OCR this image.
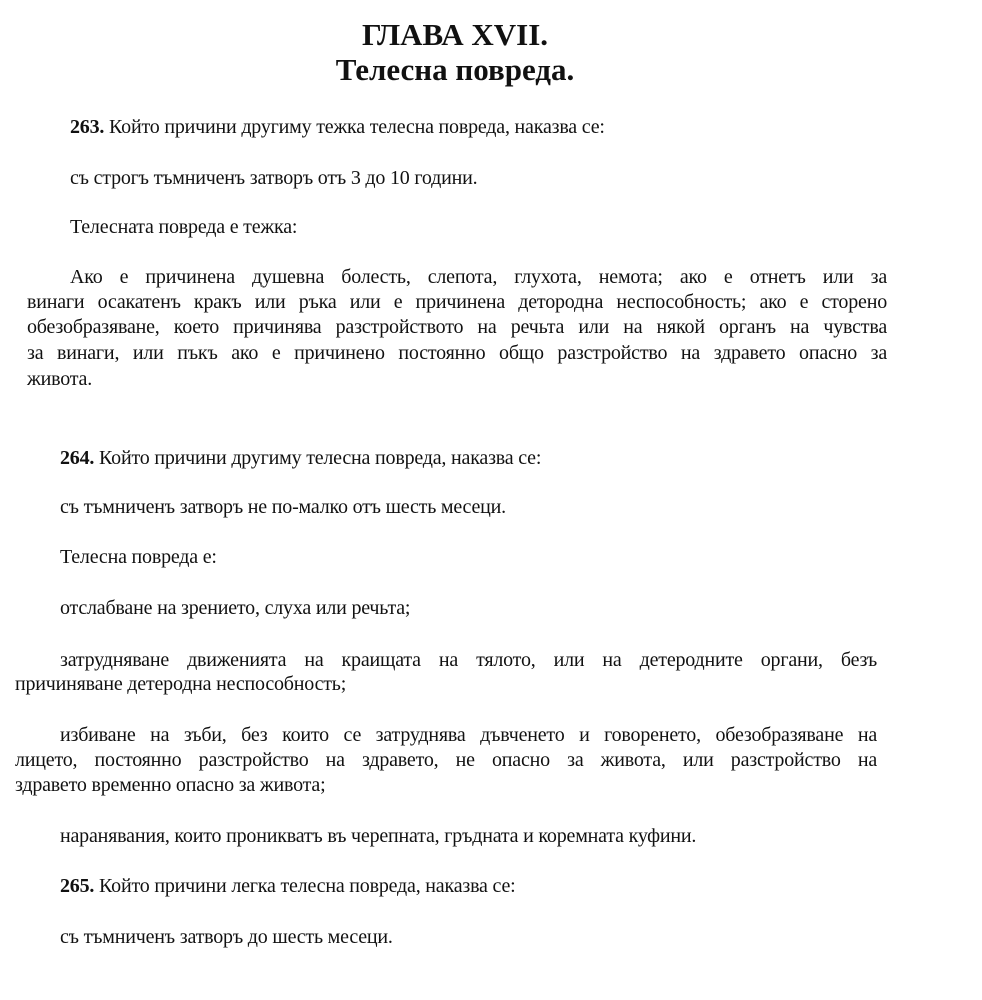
ГЛАВА XVII.
Телесна повреда.
263. Който причини другиму тежка телесна повреда, наказва се:
съ строгъ тъмниченъ затворъ отъ 3 до 10 години.
Телесната повреда е тежка:
Ако е причинена душевна болесть, слепота, глухота, немота; ако е отнетъ или за
винаги осакатенъ кракъ или ръка или е причинена детородна неспособность; ако е сторено
обезобразяване, което причинява разстройството на речьта или на някой органъ на чувства
за винаги, или пъкъ ако е причинено постоянно общо разстройство на здравето опасно за
живота.
264. Който причини другиму телесна повреда, наказва се:
съ тъмниченъ затворъ не по-малко отъ шесть месеци.
Телесна повреда е:
отслабване на зрението, слуха или речьта;
затрудняване движенията на краищата на тялото, или на детеродните органи, безъ
причиняване детеродна неспособность;
избиване на зъби, без които се затруднява дъвченето и говоренето, обезобразяване на
лицето, постоянно разстройство на здравето, не опасно за живота, или разстройство на
здравето временно опасно за живота;
наранявания, които проникватъ въ черепната, гръдната и коремната куфини.
265. Който причини легка телесна повреда, наказва се:
съ тъмниченъ затворъ до шесть месеци.
